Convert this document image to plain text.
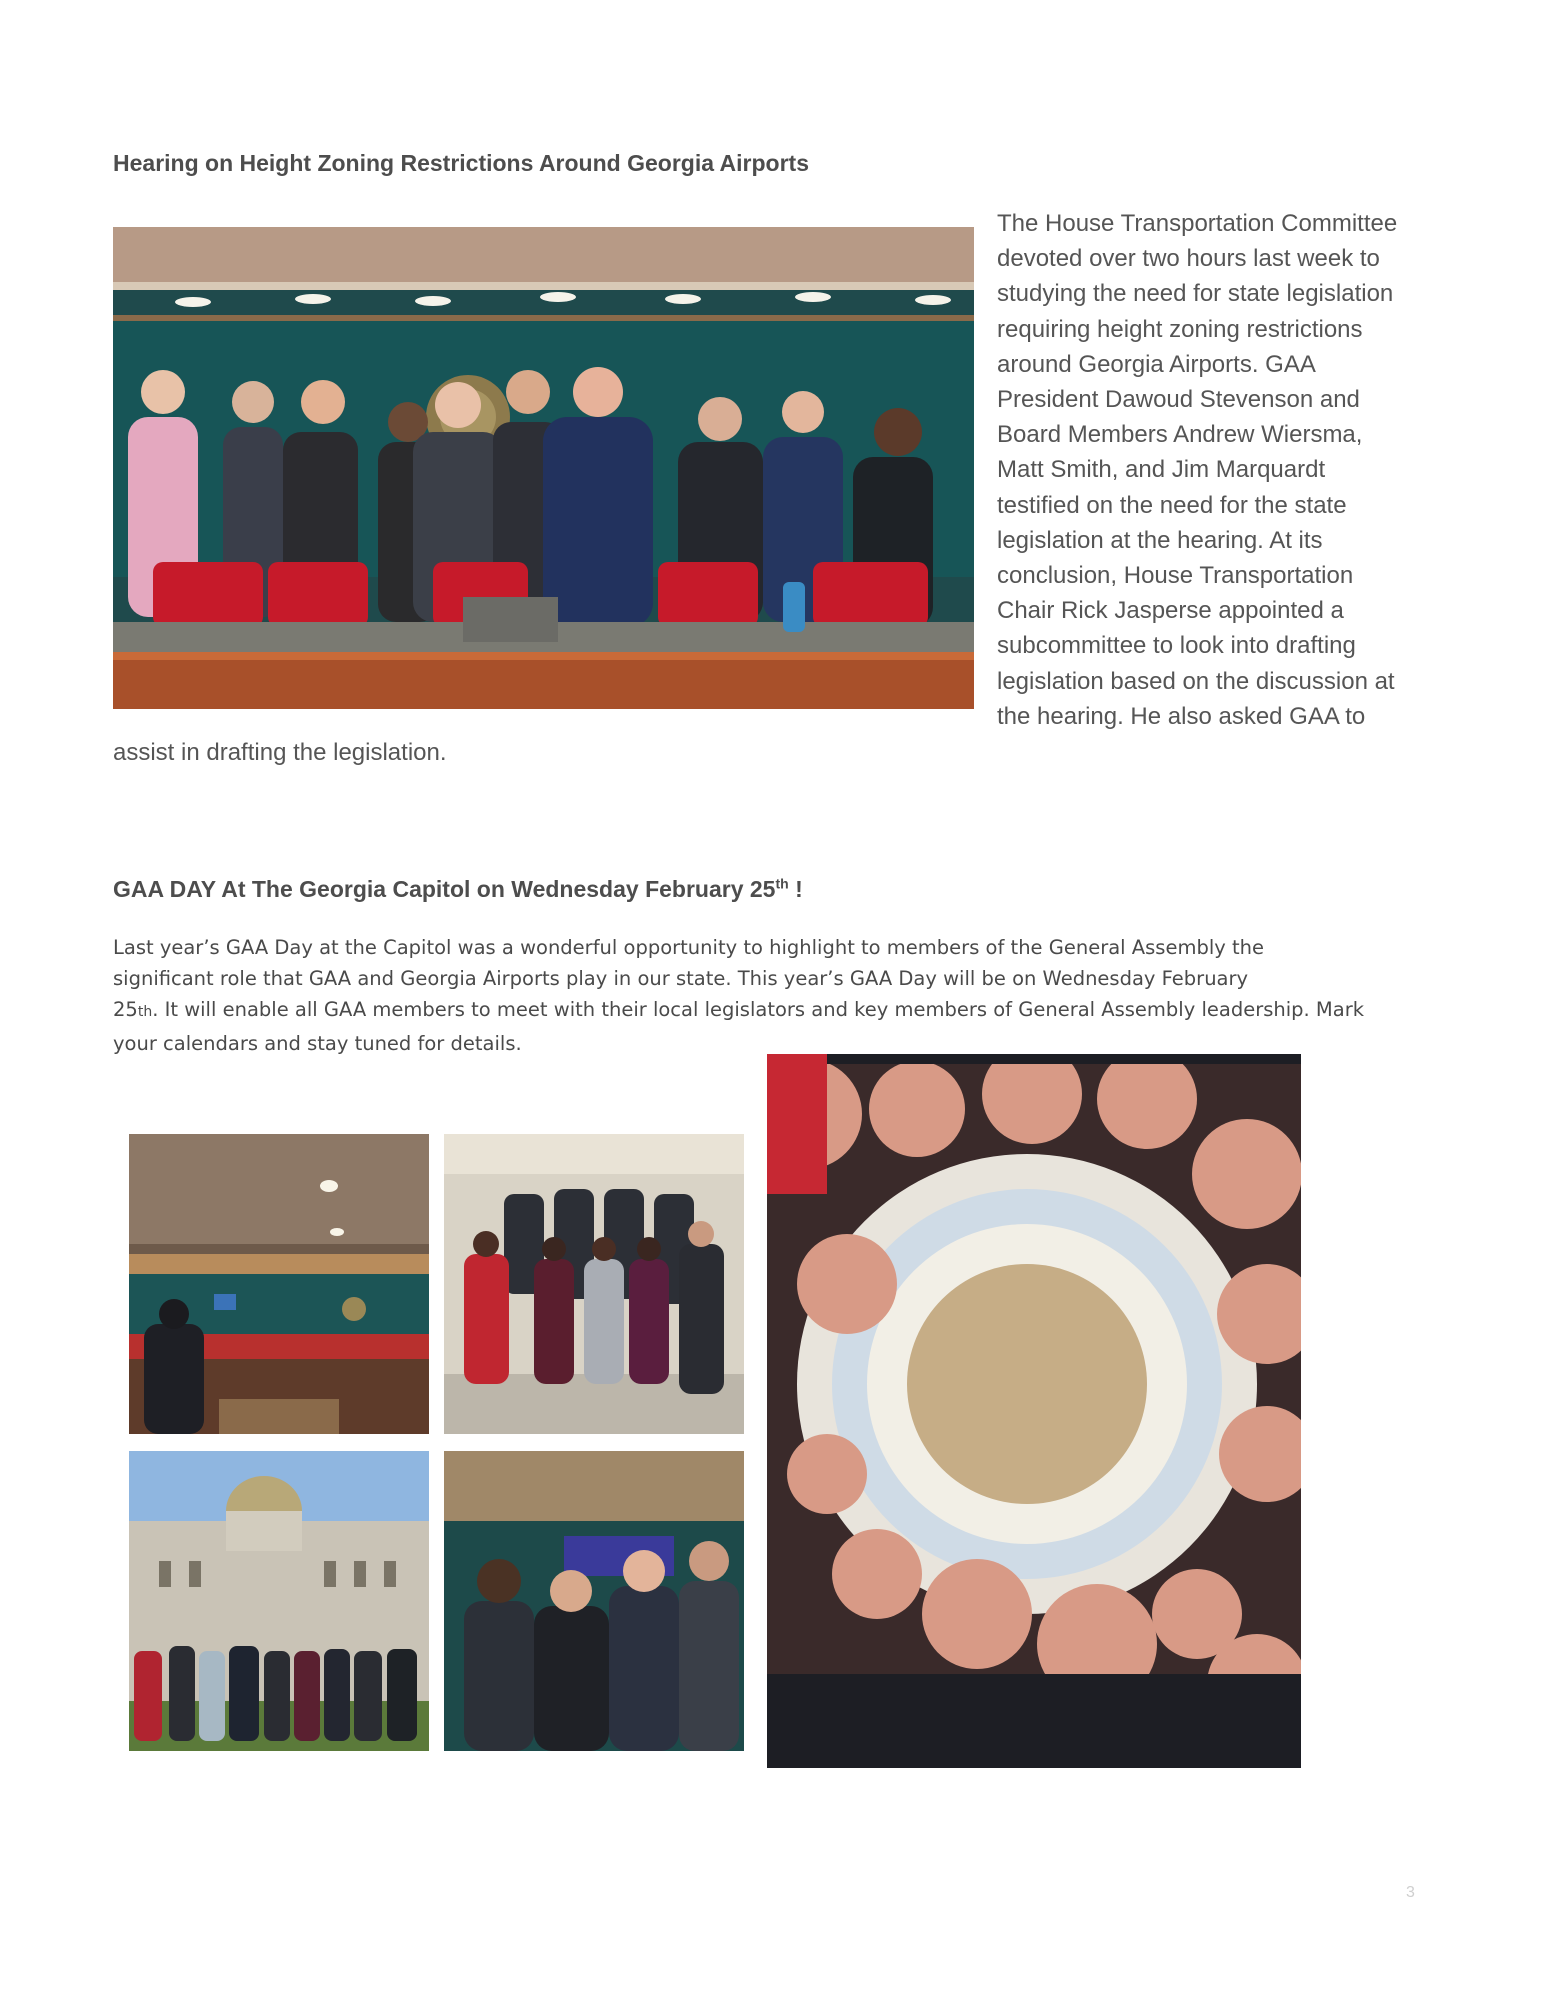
Hearing on Height Zoning Restrictions Around Georgia Airports

The House Transportation Committee
devoted over two hours last week to
studying the need for state legislation
requiring height zoning restrictions
around Georgia Airports. GAA
President Dawoud Stevenson and
Board Members Andrew Wiersma,
Matt Smith, and Jim Marquardt
testified on the need for the state
legislation at the hearing. At its
conclusion, House Transportation
Chair Rick Jasperse appointed a
subcommittee to look into drafting
legislation based on the discussion at
the hearing. He also asked GAA to

assist in drafting the legislation.

GAA DAY At The Georgia Capitol on Wednesday February 25th !

Last year’s GAA Day at the Capitol was a wonderful opportunity to highlight to members of the General Assembly the
significant role that GAA and Georgia Airports play in our state. This year’s GAA Day will be on Wednesday February
25th. It will enable all GAA members to meet with their local legislators and key members of General Assembly leadership. Mark
your calendars and stay tuned for details.

3
